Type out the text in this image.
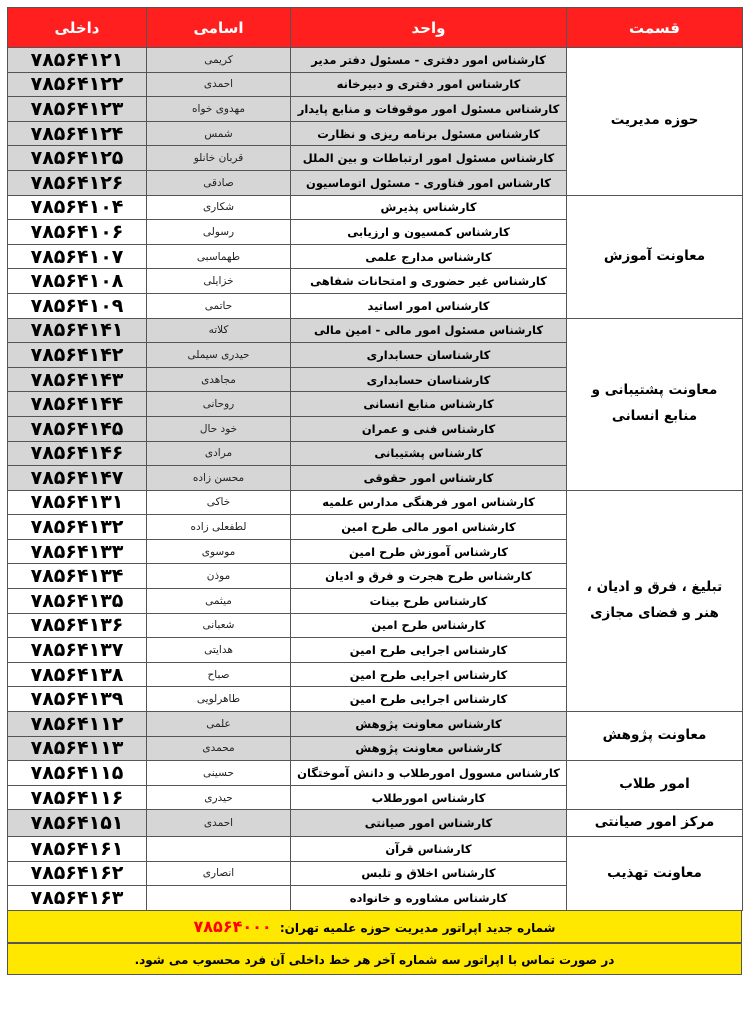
داخلی	اسامی	واحد	قسمت
۷۸۵۶۴۱۲۱	کریمی	کارشناس امور دفتری - مسئول دفتر مدیر	حوزه مدیریت
۷۸۵۶۴۱۲۲	احمدی	کارشناس امور دفتری و دبیرخانه	
۷۸۵۶۴۱۲۳	مهدوی خواه	کارشناس مسئول امور موقوفات و منابع پایدار	
۷۸۵۶۴۱۲۴	شمس	کارشناس مسئول برنامه ریزی و نظارت	
۷۸۵۶۴۱۲۵	قربان خانلو	کارشناس مسئول امور ارتباطات و بین الملل	
۷۸۵۶۴۱۲۶	صادقی	کارشناس امور فناوری - مسئول اتوماسیون	
۷۸۵۶۴۱۰۴	شکاری	کارشناس پذیرش	معاونت آموزش
۷۸۵۶۴۱۰۶	رسولی	کارشناس کمسیون و ارزیابی	
۷۸۵۶۴۱۰۷	طهماسبی	کارشناس مدارج علمی	
۷۸۵۶۴۱۰۸	خزایلی	کارشناس غیر حضوری و امتحانات شفاهی	
۷۸۵۶۴۱۰۹	حاتمی	کارشناس امور اساتید	
۷۸۵۶۴۱۴۱	کلاته	کارشناس مسئول امور مالی - امین مالی	معاونت پشتیبانی و منابع انسانی
۷۸۵۶۴۱۴۲	حیدری سیملی	کارشناسان حسابداری	
۷۸۵۶۴۱۴۳	مجاهدی	کارشناسان حسابداری	
۷۸۵۶۴۱۴۴	روحانی	کارشناس منابع انسانی	
۷۸۵۶۴۱۴۵	خود حال	کارشناس فنی و عمران	
۷۸۵۶۴۱۴۶	مرادی	کارشناس پشتیبانی	
۷۸۵۶۴۱۴۷	محسن زاده	کارشناس امور حقوقی	
۷۸۵۶۴۱۳۱	خاکی	کارشناس امور فرهنگی مدارس علمیه	تبلیغ ، فرق و ادیان ، هنر و فضای مجازی
۷۸۵۶۴۱۳۲	لطفعلی زاده	کارشناس امور مالی طرح امین	
۷۸۵۶۴۱۳۳	موسوی	کارشناس آموزش طرح امین	
۷۸۵۶۴۱۳۴	موذن	کارشناس طرح هجرت و فرق و ادیان	
۷۸۵۶۴۱۳۵	میثمی	کارشناس طرح بینات	
۷۸۵۶۴۱۳۶	شعبانی	کارشناس طرح امین	
۷۸۵۶۴۱۳۷	هدایتی	کارشناس اجرایی طرح امین	
۷۸۵۶۴۱۳۸	صباح	کارشناس اجرایی طرح امین	
۷۸۵۶۴۱۳۹	طاهرلویی	کارشناس اجرایی طرح امین	
۷۸۵۶۴۱۱۲	علمی	کارشناس معاونت پژوهش	معاونت پژوهش
۷۸۵۶۴۱۱۳	محمدی	کارشناس معاونت پژوهش	
۷۸۵۶۴۱۱۵	حسینی	کارشناس مسوول امورطلاب و دانش آموختگان	امور طلاب
۷۸۵۶۴۱۱۶	حیدری	کارشناس امورطلاب	
۷۸۵۶۴۱۵۱	احمدی	کارشناس امور صیانتی	مرکز امور صیانتی
۷۸۵۶۴۱۶۱		کارشناس قرآن	معاونت تهذیب
۷۸۵۶۴۱۶۲	انصاری	کارشناس اخلاق و تلبس	
۷۸۵۶۴۱۶۳		کارشناس مشاوره و خانواده	
شماره جدید اپراتور مدیریت حوزه علمیه تهران: ۷۸۵۶۴۰۰۰
در صورت تماس با اپراتور سه شماره آخر هر خط داخلی آن فرد محسوب می شود.
